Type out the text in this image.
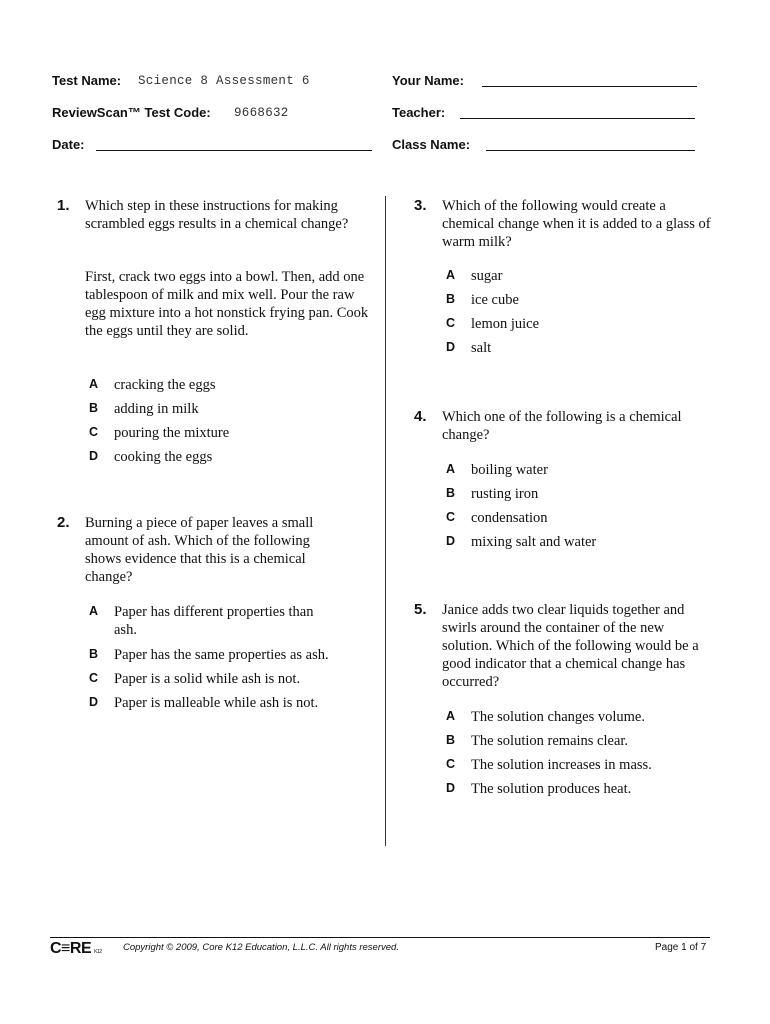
Test Name: Science 8 Assessment 6	Your Name:
ReviewScan™ Test Code: 9668632	Teacher:
Date:	Class Name:
1. Which step in these instructions for making scrambled eggs results in a chemical change?
First, crack two eggs into a bowl. Then, add one tablespoon of milk and mix well. Pour the raw egg mixture into a hot nonstick frying pan. Cook the eggs until they are solid.
A cracking the eggs
B adding in milk
C pouring the mixture
D cooking the eggs
2. Burning a piece of paper leaves a small amount of ash. Which of the following shows evidence that this is a chemical change?
A Paper has different properties than ash.
B Paper has the same properties as ash.
C Paper is a solid while ash is not.
D Paper is malleable while ash is not.
3. Which of the following would create a chemical change when it is added to a glass of warm milk?
A sugar
B ice cube
C lemon juice
D salt
4. Which one of the following is a chemical change?
A boiling water
B rusting iron
C condensation
D mixing salt and water
5. Janice adds two clear liquids together and swirls around the container of the new solution. Which of the following would be a good indicator that a chemical change has occurred?
A The solution changes volume.
B The solution remains clear.
C The solution increases in mass.
D The solution produces heat.
C≡RE K12 Copyright © 2009, Core K12 Education, L.L.C. All rights reserved.	Page 1 of 7
